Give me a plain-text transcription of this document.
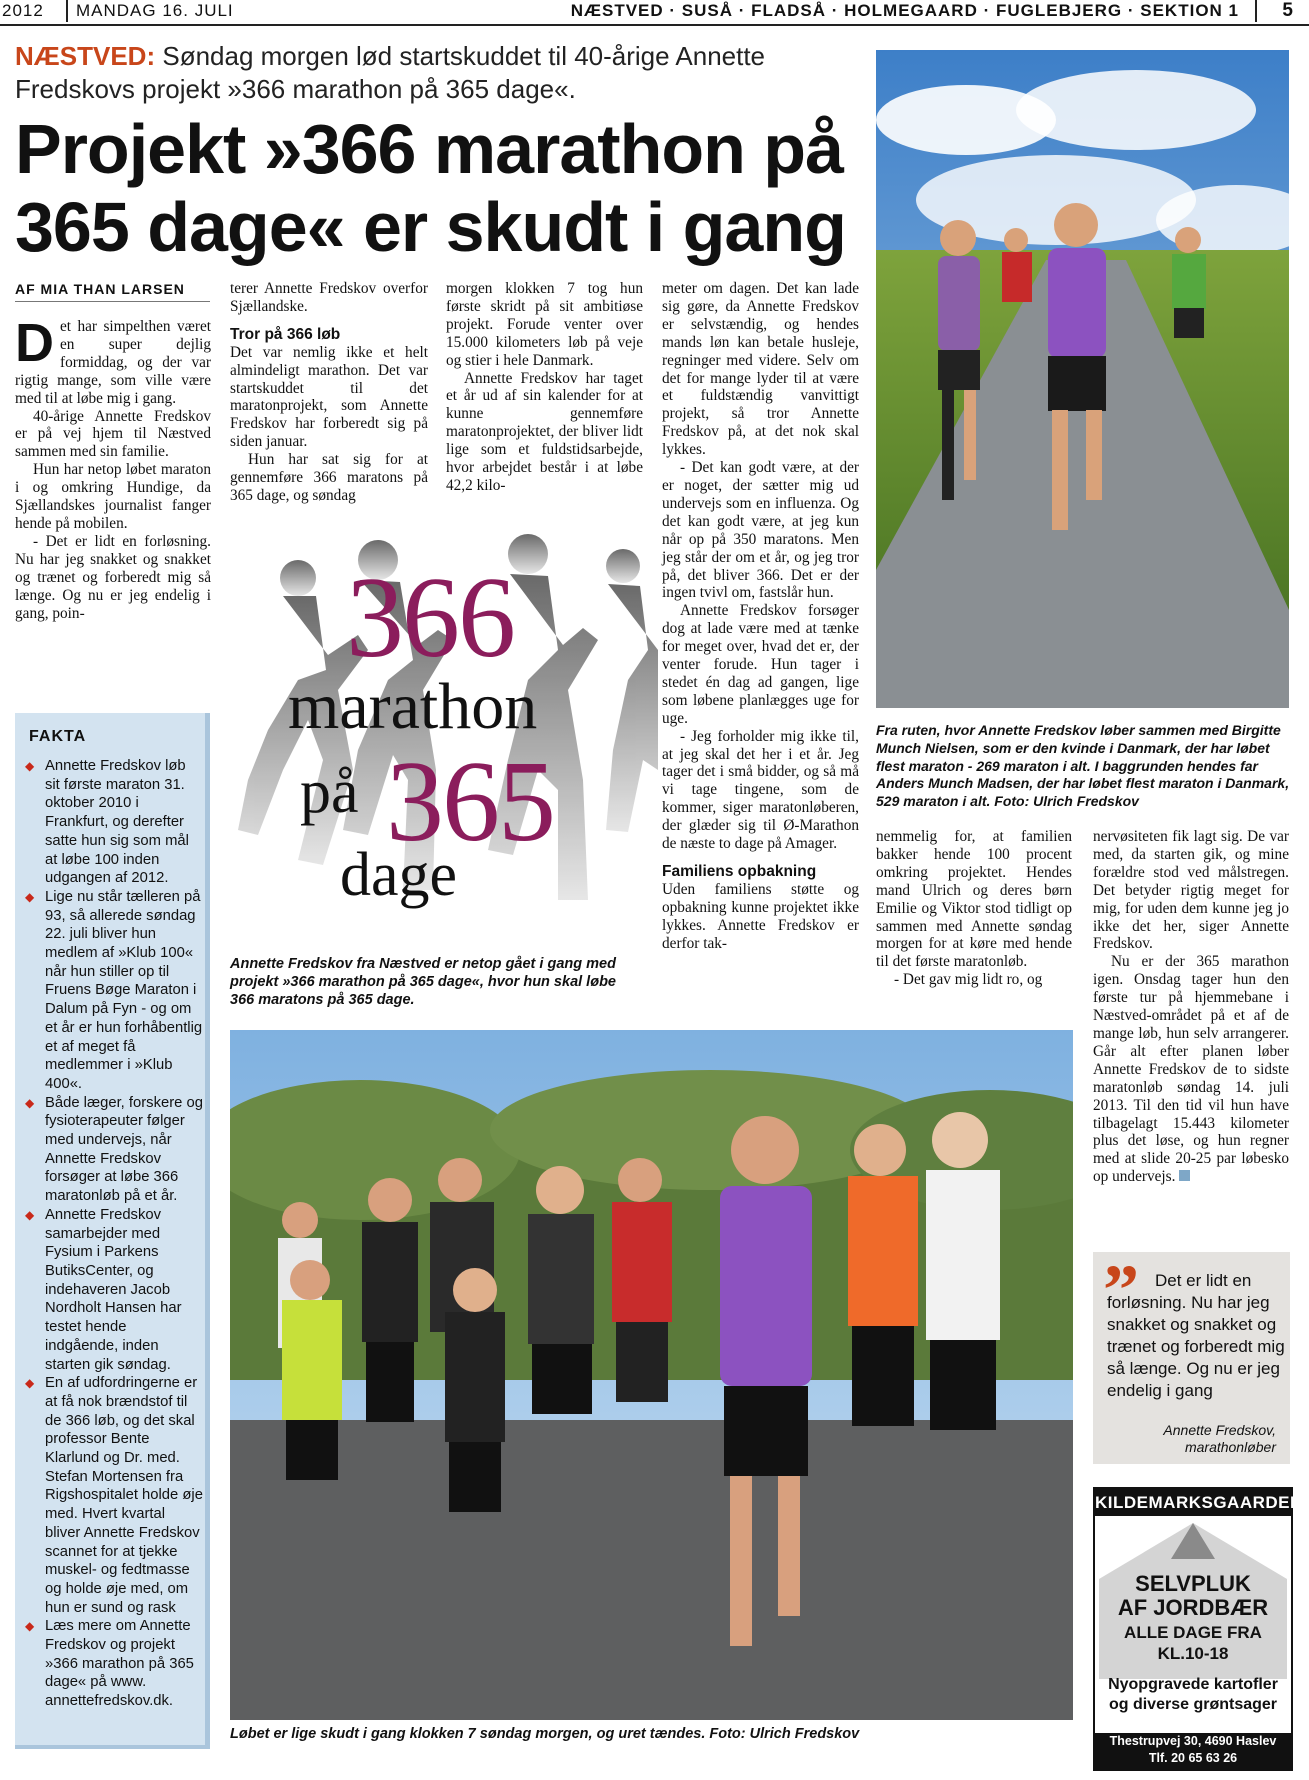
2012 MANDAG 16. JULI	NÆSTVED · SUSÅ · FLADSÅ · HOLMEGAARD · FUGLEBJERG · SEKTION 1 5
NÆSTVED: Søndag morgen lød startskuddet til 40-årige Annette Fredskovs projekt »366 marathon på 365 dage«.
Projekt »366 marathon på 365 dage« er skudt i gang
AF MIA THAN LARSEN

Det har simpelthen været en super dejlig formiddag, og der var rigtig mange, som ville være med til at løbe mig i gang.

40-årige Annette Fredskov er på vej hjem til Næstved sammen med sin familie.

Hun har netop løbet maraton i og omkring Hundige, da Sjællandskes journalist fanger hende på mobilen.

- Det er lidt en forløsning. Nu har jeg snakket og snakket og trænet og forberedt mig så længe. Og nu er jeg endelig i gang, poin-

terer Annette Fredskov overfor Sjællandske.

Tror på 366 løb

Det var nemlig ikke et helt almindeligt marathon. Det var startskuddet til det maratonprojekt, som Annette Fredskov har forberedt sig på siden januar.

Hun har sat sig for at gennemføre 366 maratons på 365 dage, og søndag

morgen klokken 7 tog hun første skridt på sit ambitiøse projekt. Forude venter over 15.000 kilometers løb på veje og stier i hele Danmark.

Annette Fredskov har taget et år ud af sin kalender for at kunne gennemføre maratonprojektet, der bliver lidt lige som et fuldstidsarbejde, hvor arbejdet består i at løbe 42,2 kilo-

meter om dagen. Det kan lade sig gøre, da Annette Fredskov er selvstændig, og hendes mands løn kan betale husleje, regninger med videre. Selv om det for mange lyder til at være et fuldstændig vanvittigt projekt, så tror Annette Fredskov på, at det nok skal lykkes.

- Det kan godt være, at der er noget, der sætter mig ud undervejs som en influenza. Og det kan godt være, at jeg kun når op på 350 maratons. Men jeg står der om et år, og jeg tror på, det bliver 366. Det er der ingen tvivl om, fastslår hun.

Annette Fredskov forsøger dog at lade være med at tænke for meget over, hvad det er, der venter forude. Hun tager i stedet én dag ad gangen, lige som løbene planlægges uge for uge.

- Jeg forholder mig ikke til, at jeg skal det her i et år. Jeg tager det i små bidder, og så må vi tage tingene, som de kommer, siger maratonløberen, der glæder sig til Ø-Marathon de næste to dage på Amager.

Familiens opbakning

Uden familiens støtte og opbakning kunne projektet ikke lykkes. Annette Fredskov er derfor tak-

nemmelig for, at familien bakker hende 100 procent omkring projektet. Hendes mand Ulrich og deres børn Emilie og Viktor stod tidligt op sammen med Annette søndag morgen for at køre med hende til det første maratonløb.

- Det gav mig lidt ro, og

nervøsiteten fik lagt sig. De var med, da starten gik, og mine forældre stod ved målstregen. Det betyder rigtig meget for mig, for uden dem kunne jeg jo ikke det her, siger Annette Fredskov.

Nu er der 365 marathon igen. Onsdag tager hun den første tur på hjemmebane i Næstved-området på et af de mange løb, hun selv arrangerer. Går alt efter planen løber Annette Fredskov de to sidste maratonløb søndag 14. juli 2013. Til den tid vil hun have tilbagelagt 15.443 kilometer plus det løse, og hun regner med at slide 20-25 par løbesko op undervejs.

FAKTA
◆ Annette Fredskov løb sit første maraton 31. oktober 2010 i Frankfurt, og derefter satte hun sig som mål at løbe 100 inden udgangen af 2012.
◆ Lige nu står tælleren på 93, så allerede søndag 22. juli bliver hun medlem af »Klub 100« når hun stiller op til Fruens Bøge Maraton i Dalum på Fyn - og om et år er hun forhåbentlig et af meget få medlemmer i »Klub 400«.
◆ Både læger, forskere og fysioterapeuter følger med undervejs, når Annette Fredskov forsøger at løbe 366 maratonløb på et år.
◆ Annette Fredskov samarbejder med Fysium i Parkens ButiksCenter, og indehaveren Jacob Nordholt Hansen har testet hende indgående, inden starten gik søndag.
◆ En af udfordringerne er at få nok brændstof til de 366 løb, og det skal professor Bente Klarlund og Dr. med. Stefan Mortensen fra Rigshospitalet holde øje med. Hvert kvartal bliver Annette Fredskov scannet for at tjekke muskel- og fedtmasse og holde øje med, om hun er sund og rask
◆ Læs mere om Annette Fredskov og projekt »366 marathon på 365 dage« på www. annettefredskov.dk.
366
marathon
på 365
dage
Annette Fredskov fra Næstved er netop gået i gang med projekt »366 marathon på 365 dage«, hvor hun skal løbe 366 maratons på 365 dage.
Fra ruten, hvor Annette Fredskov løber sammen med Birgitte Munch Nielsen, som er den kvinde i Danmark, der har løbet flest maraton - 269 maraton i alt. I baggrunden hendes far Anders Munch Madsen, der har løbet flest maraton i Danmark, 529 maraton i alt. Foto: Ulrich Fredskov
Løbet er lige skudt i gang klokken 7 søndag morgen, og uret tændes. Foto: Ulrich Fredskov
” Det er lidt en forløsning. Nu har jeg snakket og snakket og trænet og forberedt mig så længe. Og nu er jeg endelig i gang
Annette Fredskov,
marathonløber
KILDEMARKSGAARDEN
SELVPLUK
AF JORDBÆR
ALLE DAGE FRA
KL.10-18
Nyopgravede kartofler
og diverse grøntsager
Thestrupvej 30, 4690 Haslev
Tlf. 20 65 63 26
